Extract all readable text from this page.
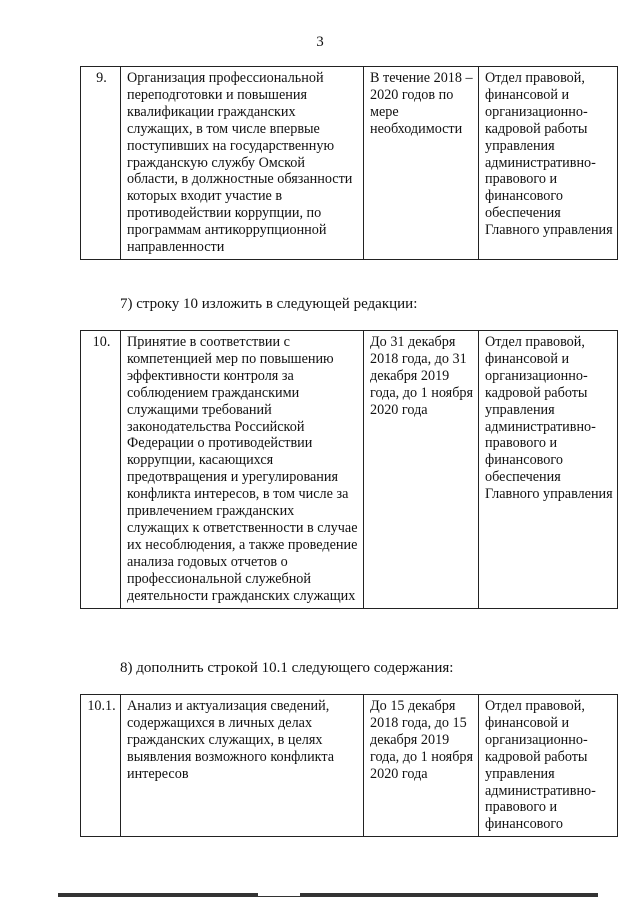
3
9.	Организация профессиональной переподготовки и повышения квалификации гражданских служащих, в том числе впервые поступивших на государственную гражданскую службу Омской области, в должностные обязанности которых входит участие в противодействии коррупции, по программам антикоррупционной направленности	В течение 2018 – 2020 годов по мере необходимости	Отдел правовой, финансовой и организационно-кадровой работы управления административно-правового и финансового обеспечения Главного управления
7) строку 10 изложить в следующей редакции:
10.	Принятие в соответствии с компетенцией мер по повышению эффективности контроля за соблюдением гражданскими служащими требований законодательства Российской Федерации о противодействии коррупции, касающихся предотвращения и урегулирования конфликта интересов, в том числе за привлечением гражданских служащих к ответственности в случае их несоблюдения, а также проведение анализа годовых отчетов о профессиональной служебной деятельности гражданских служащих	До 31 декабря 2018 года, до 31 декабря 2019 года, до 1 ноября 2020 года	Отдел правовой, финансовой и организационно-кадровой работы управления административно-правового и финансового обеспечения Главного управления
8) дополнить строкой 10.1 следующего содержания:
10.1.	Анализ и актуализация сведений, содержащихся в личных делах гражданских служащих, в целях выявления возможного конфликта интересов	До 15 декабря 2018 года, до 15 декабря 2019 года, до 1 ноября 2020 года	Отдел правовой, финансовой и организационно-кадровой работы управления административно-правового и финансового
